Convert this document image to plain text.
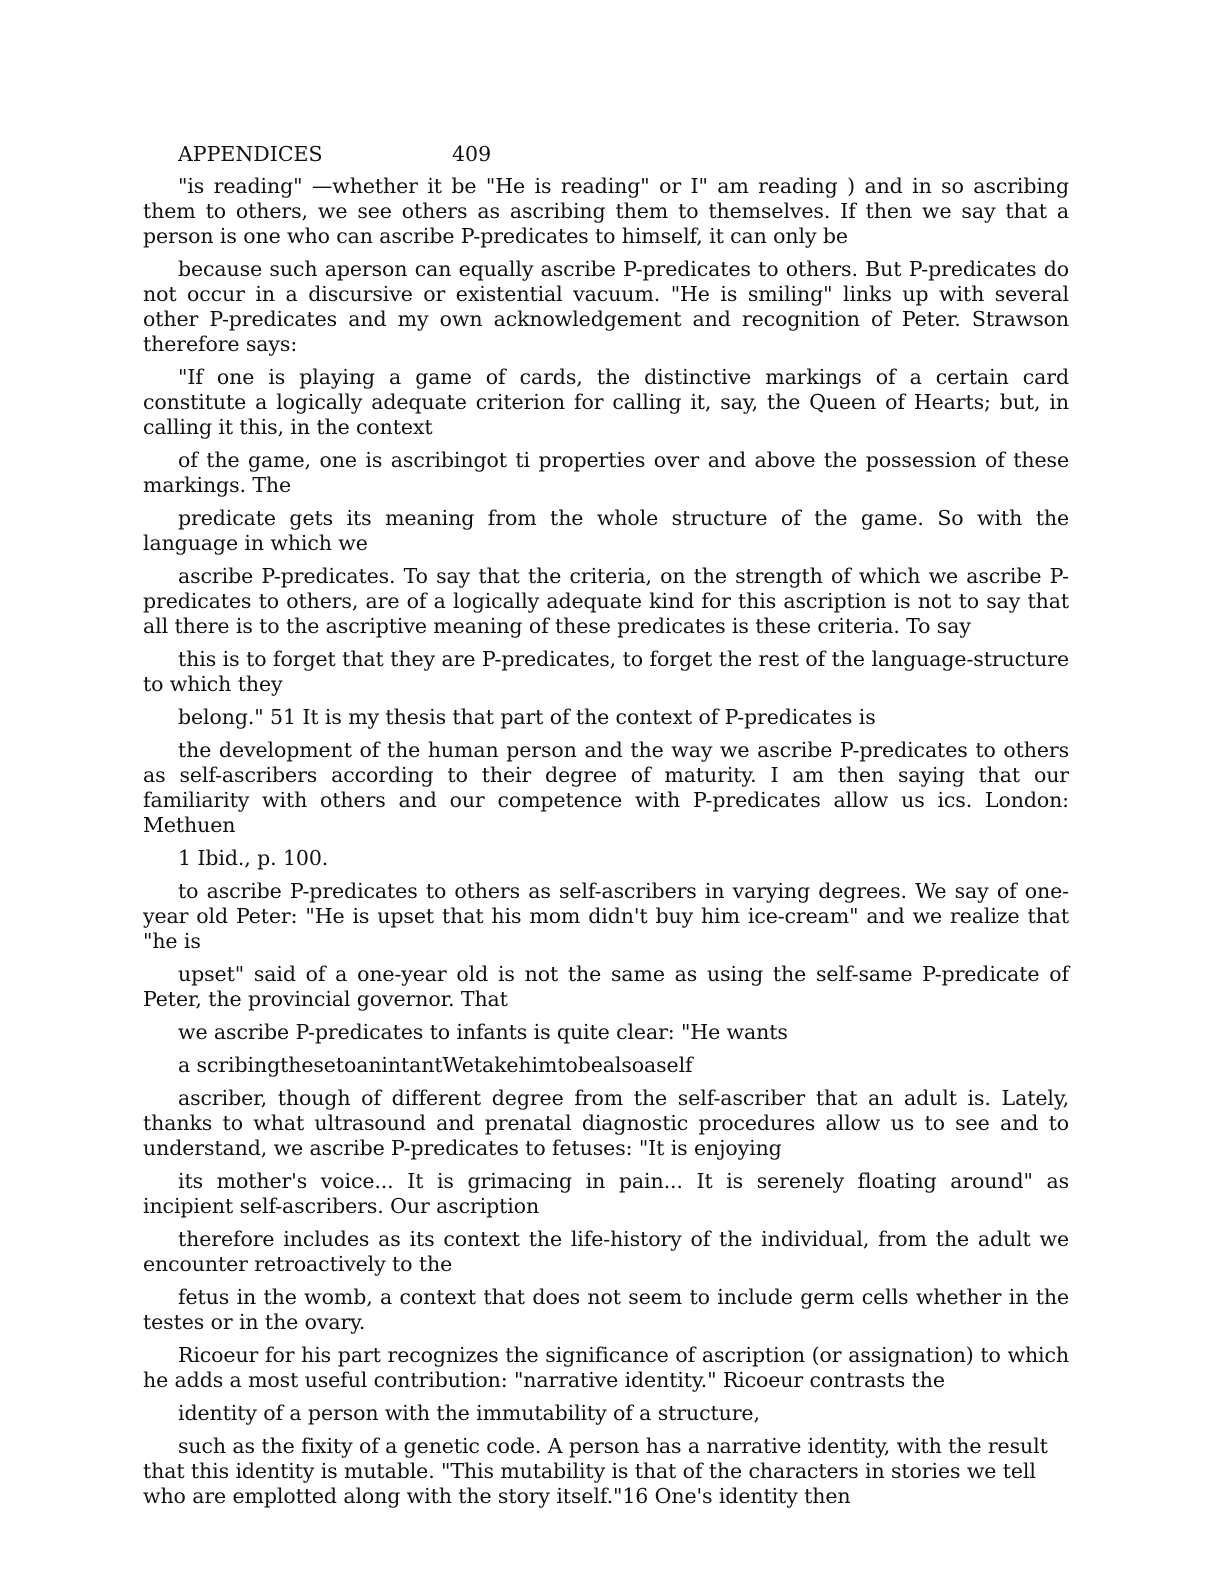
APPENDICES	409

"is reading" —whether it be "He is reading" or I" am reading ) and in so ascribing them to others, we see others as ascribing them to themselves. If then we say that a person is one who can ascribe P-predicates to himself, it can only be

because such aperson can equally ascribe P-predicates to others. But P-predicates do not occur in a discursive or existential vacuum. "He is smiling" links up with several other P-predicates and my own acknowledgement and recognition of Peter. Strawson therefore says:

"If one is playing a game of cards, the distinctive markings of a certain card constitute a logically adequate criterion for calling it, say, the Queen of Hearts; but, in calling it this, in the context

of the game, one is ascribingot ti properties over and above the possession of these markings. The

predicate gets its meaning from the whole structure of the game. So with the language in which we

ascribe P-predicates. To say that the criteria, on the strength of which we ascribe P-predicates to others, are of a logically adequate kind for this ascription is not to say that all there is to the ascriptive meaning of these predicates is these criteria. To say

this is to forget that they are P-predicates, to forget the rest of the language-structure to which they

belong." 51 It is my thesis that part of the context of P-predicates is

the development of the human person and the way we ascribe P-predicates to others as self-ascribers according to their degree of maturity. I am then saying that our familiarity with others and our competence with P-predicates allow us ics. London: Methuen

1 Ibid., p. 100.

to ascribe P-predicates to others as self-ascribers in varying degrees. We say of one-year old Peter: "He is upset that his mom didn't buy him ice-cream" and we realize that "he is

upset" said of a one-year old is not the same as using the self-same P-predicate of Peter, the provincial governor. That

we ascribe P-predicates to infants is quite clear: "He wants

a scribingthesetoanintantWetakehimtobealsoaself

ascriber, though of different degree from the self-ascriber that an adult is. Lately, thanks to what ultrasound and prenatal diagnostic procedures allow us to see and to understand, we ascribe P-predicates to fetuses: "It is enjoying

its mother's voice... It is grimacing in pain... It is serenely floating around" as incipient self-ascribers. Our ascription

therefore includes as its context the life-history of the individual, from the adult we encounter retroactively to the

fetus in the womb, a context that does not seem to include germ cells whether in the testes or in the ovary.

Ricoeur for his part recognizes the significance of ascription (or assignation) to which he adds a most useful contribution: "narrative identity." Ricoeur contrasts the

identity of a person with the immutability of a structure,

such as the fixity of a genetic code. A person has a narrative identity, with the result that this identity is mutable. "This mutability is that of the characters in stories we tell who are emplotted along with the story itself."16 One's identity then
